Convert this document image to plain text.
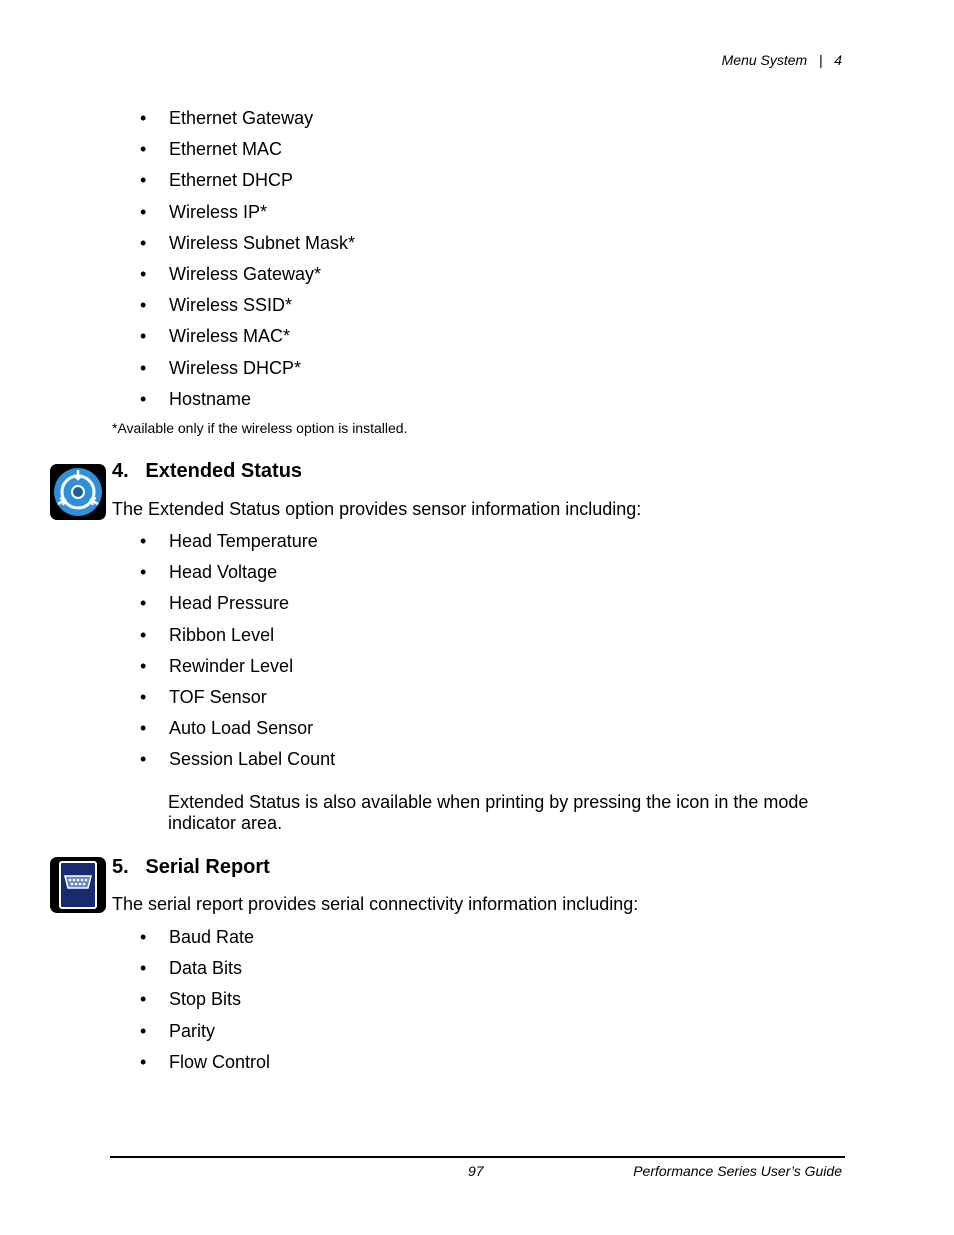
Menu System | 4
• Ethernet Gateway
• Ethernet MAC
• Ethernet DHCP
• Wireless IP*
• Wireless Subnet Mask*
• Wireless Gateway*
• Wireless SSID*
• Wireless MAC*
• Wireless DHCP*
• Hostname
*Available only if the wireless option is installed.
4.   Extended Status
The Extended Status option provides sensor information including:
• Head Temperature
• Head Voltage
• Head Pressure
• Ribbon Level
• Rewinder Level
• TOF Sensor
• Auto Load Sensor
• Session Label Count
Extended Status is also available when printing by pressing the icon in the mode indicator area.
5.   Serial Report
The serial report provides serial connectivity information including:
• Baud Rate
• Data Bits
• Stop Bits
• Parity
• Flow Control
97	Performance Series User’s Guide
